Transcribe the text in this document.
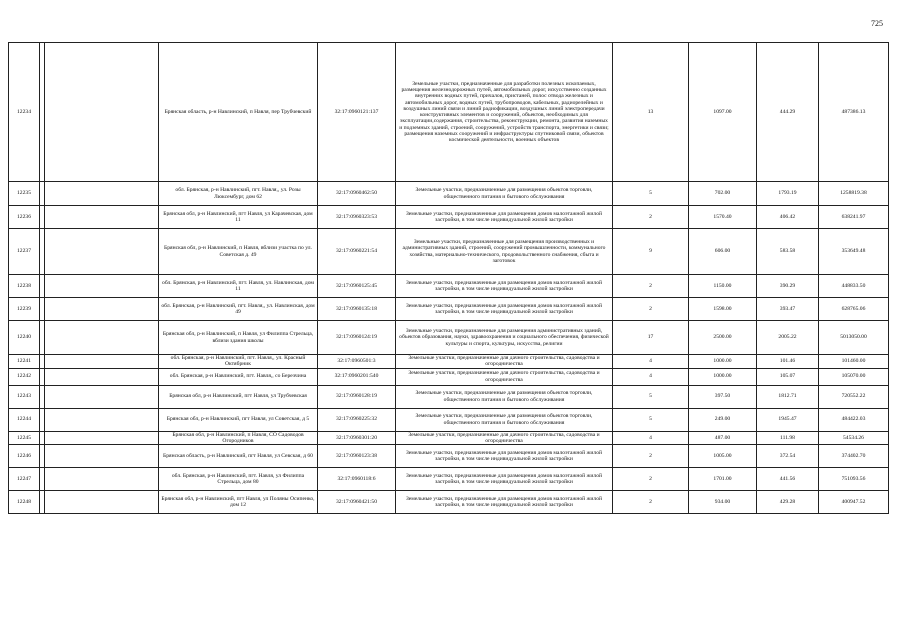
725
12234			Брянская область, р-н Навлинский, п Навля, пер Трубчевский	32:17:0960121:137	Земельные участки, предназначенные для разработки полезных ископаемых, размещения железнодорожных путей, автомобильных дорог, искусственно созданных внутренних водных путей, причалов, пристаней, полос отвода железных и автомобильных дорог, водных путей, трубопроводов, кабельных, радиорелейных и воздушных линий связи и линий радиофикации, воздушных линий электропередачи конструктивных элементов и сооружений, объектов, необходимых для эксплуатации,содержания, строительства, реконструкции, ремонта, развития наземных и подземных зданий, строений, сооружений, устройств транспорта, энергетики и связи; размещения наземных сооружений и инфраструктуры спутниковой связи, объектов космической деятельности, военных объектов	13	1097.00	444.29	487386.13
12235			обл. Брянская, р-н Навлинский, пгт. Навля,, ул. Розы Люксембург, дом 62	32:17:0960462:50	Земельные участки, предназначенные для размещения объектов торговли, общественного питания и бытового обслуживания	5	702.00	1793.19	1258819.38
12236			Брянская обл, р-н Навлинский, пгт Навля, ул Карачевская, дом 11	32:17:0960323:53	Земельные участки, предназначенные для размещения домов малоэтажной жилой застройки, в том числе индивидуальной жилой застройки	2	1570.40	406.42	638241.97
12237			Брянская обл, р-н Навлинский, п Навля, вблизи участка по ул. Советская д. 49	32:17:0960221:54	Земельные участки, предназначенные для размещения производственных и административных зданий, строений, сооружений промышленности, коммунального хозяйства, материально-технического, продовольственного снабжения, сбыта и заготовок	9	606.00	583.58	353649.48
12238			обл. Брянская, р-н Навлинский, пгт. Навля, ул. Навлинская, дом 11	32:17:0960125:45	Земельные участки, предназначенные для размещения домов малоэтажной жилой застройки, в том числе индивидуальной жилой застройки	2	1150.00	390.29	448833.50
12239			обл. Брянская, р-н Навлинский, пгт. Навля,, ул. Навлинская, дом 49	32:17:0960135:18	Земельные участки, предназначенные для размещения домов малоэтажной жилой застройки, в том числе индивидуальной жилой застройки	2	1598.00	393.47	628765.06
12240			Брянская обл, р-н Навлинский, п Навля, ул Филиппа Стрельца, вблизи здания школы	32:17:0960124:19	Земельные участки, предназначенные для размещения административных зданий, объектов образования, науки, здравоохранения и социального обеспечения, физической культуры и спорта, культуры, искусства, религии	17	2500.00	2005.22	5013050.00
12241			обл. Брянская, р-н Навлинский, пгт. Навля,, ул. Красный Октябрник	32:17:0960501:3	Земельные участки, предназначенные для дачного строительства, садоводства и огородничества	4	1000.00	101.46	101460.00
12242			обл. Брянская, р-н Навлинский, пгт. Навля,, со Березчина	32:17:0960201:540	Земельные участки, предназначенные для дачного строительства, садоводства и огородничества	4	1000.00	105.07	105070.00
12243			Брянская обл, р-н Навлинский, пгт Навля, ул Трубчевская	32:17:0960128:19	Земельные участки, предназначенные для размещения объектов торговли, общественного питания и бытового обслуживания	5	397.50	1812.71	720552.22
12244			Брянская обл, р-н Навлинский, пгт Навля, ул Советская, д 5	32:17:0960225:32	Земельные участки, предназначенные для размещения объектов торговли, общественного питания и бытового обслуживания	5	249.00	1945.47	484422.03
12245			Брянская обл, р-н Навлинский, п Навля, СО Садоводов Огородников	32:17:0960301:20	Земельные участки, предназначенные для дачного строительства, садоводства и огородничества	4	487.00	111.98	54534.26
12246			Брянская область, р-н Навлинский, пгт Навля, ул Севская, д 60	32:17:0960123:38	Земельные участки, предназначенные для размещения домов малоэтажной жилой застройки, в том числе индивидуальной жилой застройки	2	1005.00	372.54	374402.70
12247			обл. Брянская, р-н Навлинский, пгт. Навля, ул Филиппа Стрельца, дом 80	32:17:0960118:6	Земельные участки, предназначенные для размещения домов малоэтажной жилой застройки, в том числе индивидуальной жилой застройки	2	1701.00	441.56	751093.56
12248			Брянская обл, р-н Навлинский, пгт Навля, ул Поляны Осипенко, дом 12	32:17:0960421:50	Земельные участки, предназначенные для размещения домов малоэтажной жилой застройки, в том числе индивидуальной жилой застройки	2	934.00	429.28	400947.52
